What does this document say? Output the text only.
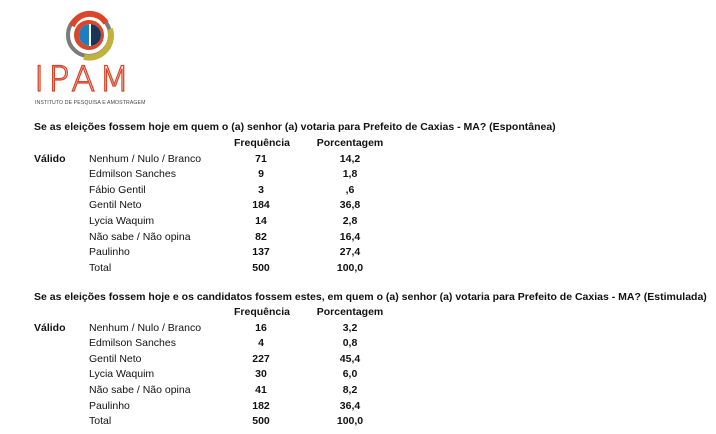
IPAM
INSTITUTO DE PESQUISA E AMOSTRAGEM
Se as eleições fossem hoje em quem o (a) senhor (a) votaria para Prefeito de Caxias - MA? (Espontânea)
Frequência	Porcentagem
Válido Nenhum / Nulo / Branco	71	14,2
Edmilson Sanches	9	1,8
Fábio Gentil	3	,6
Gentil Neto	184	36,8
Lycia Waquim	14	2,8
Não sabe / Não opina	82	16,4
Paulinho	137	27,4
Total	500	100,0
Se as eleições fossem hoje e os candidatos fossem estes, em quem o (a) senhor (a) votaria para Prefeito de Caxias - MA? (Estimulada)
Frequência	Porcentagem
Válido Nenhum / Nulo / Branco	16	3,2
Edmilson Sanches	4	0,8
Gentil Neto	227	45,4
Lycia Waquim	30	6,0
Não sabe / Não opina	41	8,2
Paulinho	182	36,4
Total	500	100,0
